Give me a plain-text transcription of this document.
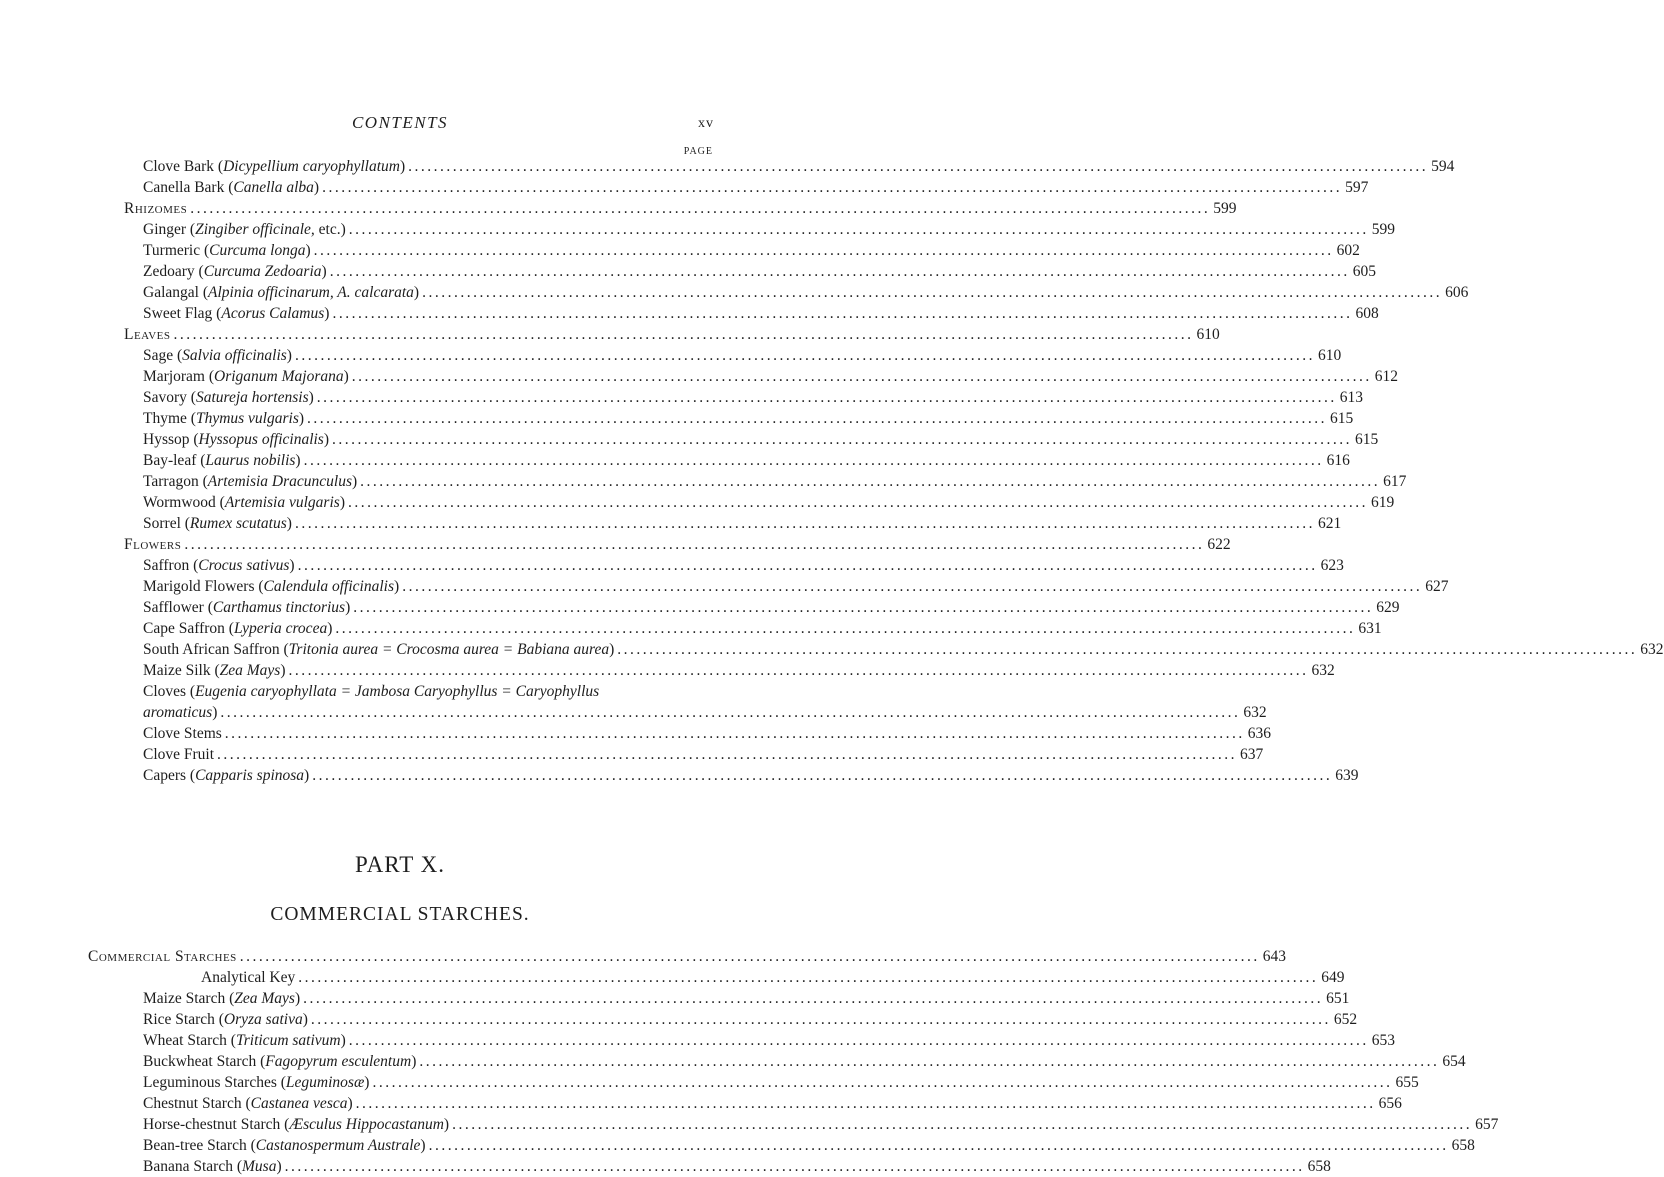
CONTENTS	xv
PAGE
Clove Bark (Dicypellium caryophyllatum) ................................................................................................................................................................ 594
Canella Bark (Canella alba) ................................................................................................................................................................ 597
Rhizomes ................................................................................................................................................................ 599
Ginger (Zingiber officinale, etc.) ................................................................................................................................................................ 599
Turmeric (Curcuma longa) ................................................................................................................................................................ 602
Zedoary (Curcuma Zedoaria) ................................................................................................................................................................ 605
Galangal (Alpinia officinarum, A. calcarata) ................................................................................................................................................................ 606
Sweet Flag (Acorus Calamus) ................................................................................................................................................................ 608
Leaves ................................................................................................................................................................ 610
Sage (Salvia officinalis) ................................................................................................................................................................ 610
Marjoram (Origanum Majorana) ................................................................................................................................................................ 612
Savory (Satureja hortensis) ................................................................................................................................................................ 613
Thyme (Thymus vulgaris) ................................................................................................................................................................ 615
Hyssop (Hyssopus officinalis) ................................................................................................................................................................ 615
Bay-leaf (Laurus nobilis) ................................................................................................................................................................ 616
Tarragon (Artemisia Dracunculus) ................................................................................................................................................................ 617
Wormwood (Artemisia vulgaris) ................................................................................................................................................................ 619
Sorrel (Rumex scutatus) ................................................................................................................................................................ 621
Flowers ................................................................................................................................................................ 622
Saffron (Crocus sativus) ................................................................................................................................................................ 623
Marigold Flowers (Calendula officinalis) ................................................................................................................................................................ 627
Safflower (Carthamus tinctorius) ................................................................................................................................................................ 629
Cape Saffron (Lyperia crocea) ................................................................................................................................................................ 631
South African Saffron (Tritonia aurea = Crocosma aurea = Babiana aurea) ................................................................................................................................................................ 632
Maize Silk (Zea Mays) ................................................................................................................................................................ 632
Cloves (Eugenia caryophyllata = Jambosa Caryophyllus = Caryophyllus
aromaticus) ................................................................................................................................................................ 632
Clove Stems ................................................................................................................................................................ 636
Clove Fruit ................................................................................................................................................................ 637
Capers (Capparis spinosa) ................................................................................................................................................................ 639
PART X.
COMMERCIAL STARCHES.
Commercial Starches ................................................................................................................................................................ 643
Analytical Key ................................................................................................................................................................ 649
Maize Starch (Zea Mays) ................................................................................................................................................................ 651
Rice Starch (Oryza sativa) ................................................................................................................................................................ 652
Wheat Starch (Triticum sativum) ................................................................................................................................................................ 653
Buckwheat Starch (Fagopyrum esculentum) ................................................................................................................................................................ 654
Leguminous Starches (Leguminosæ) ................................................................................................................................................................ 655
Chestnut Starch (Castanea vesca) ................................................................................................................................................................ 656
Horse-chestnut Starch (Æsculus Hippocastanum) ................................................................................................................................................................ 657
Bean-tree Starch (Castanospermum Australe) ................................................................................................................................................................ 658
Banana Starch (Musa) ................................................................................................................................................................ 658
